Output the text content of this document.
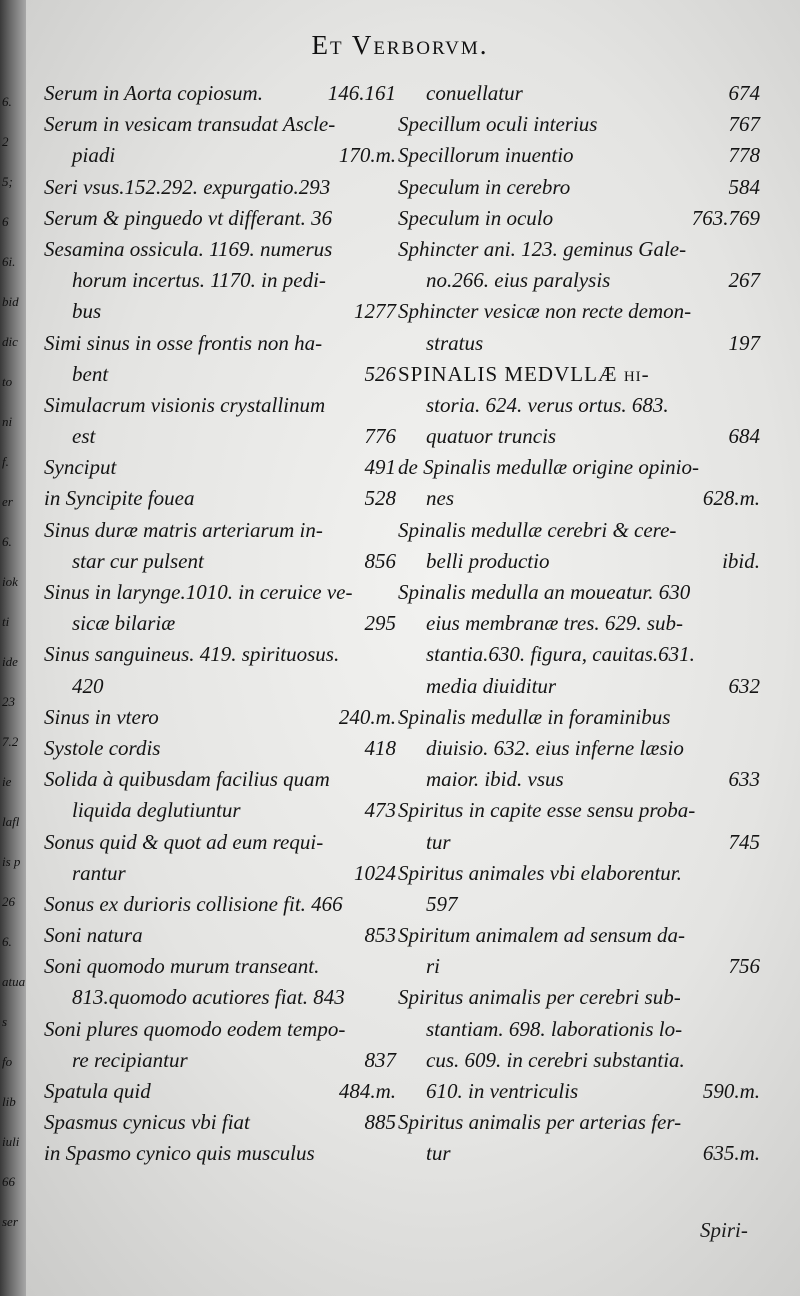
6.
2
5;
6
6i.
bid
dic
to
ni
f.
er
6.
iok
ti
ide
23
7.2
ie
lafl
is p
26
6.
atua
s
fo
lib
iuli
66
ser
Et Verborvm.
Serum in Aorta copiosum.	146.161
Serum in vesicam transudat Ascle-
piadi	170.m.
Seri vsus.152.292. expurgatio.293
Serum & pinguedo vt differant. 36
Sesamina ossicula. 1169. numerus
horum incertus. 1170. in pedi-
bus	1277
Simi sinus in osse frontis non ha-
bent	526
Simulacrum visionis crystallinum
est	776
Synciput	491
in Syncipite fouea	528
Sinus duræ matris arteriarum in-
star cur pulsent	856
Sinus in larynge.1010. in ceruice ve-
sicæ bilariæ	295
Sinus sanguineus. 419. spirituosus.
420
Sinus in vtero	240.m.
Systole cordis	418
Solida à quibusdam facilius quam
liquida deglutiuntur	473
Sonus quid & quot ad eum requi-
rantur	1024
Sonus ex durioris collisione fit. 466
Soni natura	853
Soni quomodo murum transeant.
813.quomodo acutiores fiat. 843
Soni plures quomodo eodem tempo-
re recipiantur	837
Spatula quid	484.m.
Spasmus cynicus vbi fiat	885
in Spasmo cynico quis musculus
conuellatur	674
Specillum oculi interius	767
Specillorum inuentio	778
Speculum in cerebro	584
Speculum in oculo	763.769
Sphincter ani. 123. geminus Gale-
no.266. eius paralysis	267
Sphincter vesicæ non recte demon-
stratus	197
SPINALIS MEDVLLÆ hi-
storia. 624. verus ortus. 683.
quatuor truncis	684
de Spinalis medullæ origine opinio-
nes	628.m.
Spinalis medullæ cerebri & cere-
belli productio	ibid.
Spinalis medulla an moueatur. 630
eius membranæ tres. 629. sub-
stantia.630. figura, cauitas.631.
media diuiditur	632
Spinalis medullæ in foraminibus
diuisio. 632. eius inferne læsio
maior. ibid. vsus	633
Spiritus in capite esse sensu proba-
tur	745
Spiritus animales vbi elaborentur.
597
Spiritum animalem ad sensum da-
ri	756
Spiritus animalis per cerebri sub-
stantiam. 698. laborationis lo-
cus. 609. in cerebri substantia.
610. in ventriculis	590.m.
Spiritus animalis per arterias fer-
tur	635.m.
Spiri-
